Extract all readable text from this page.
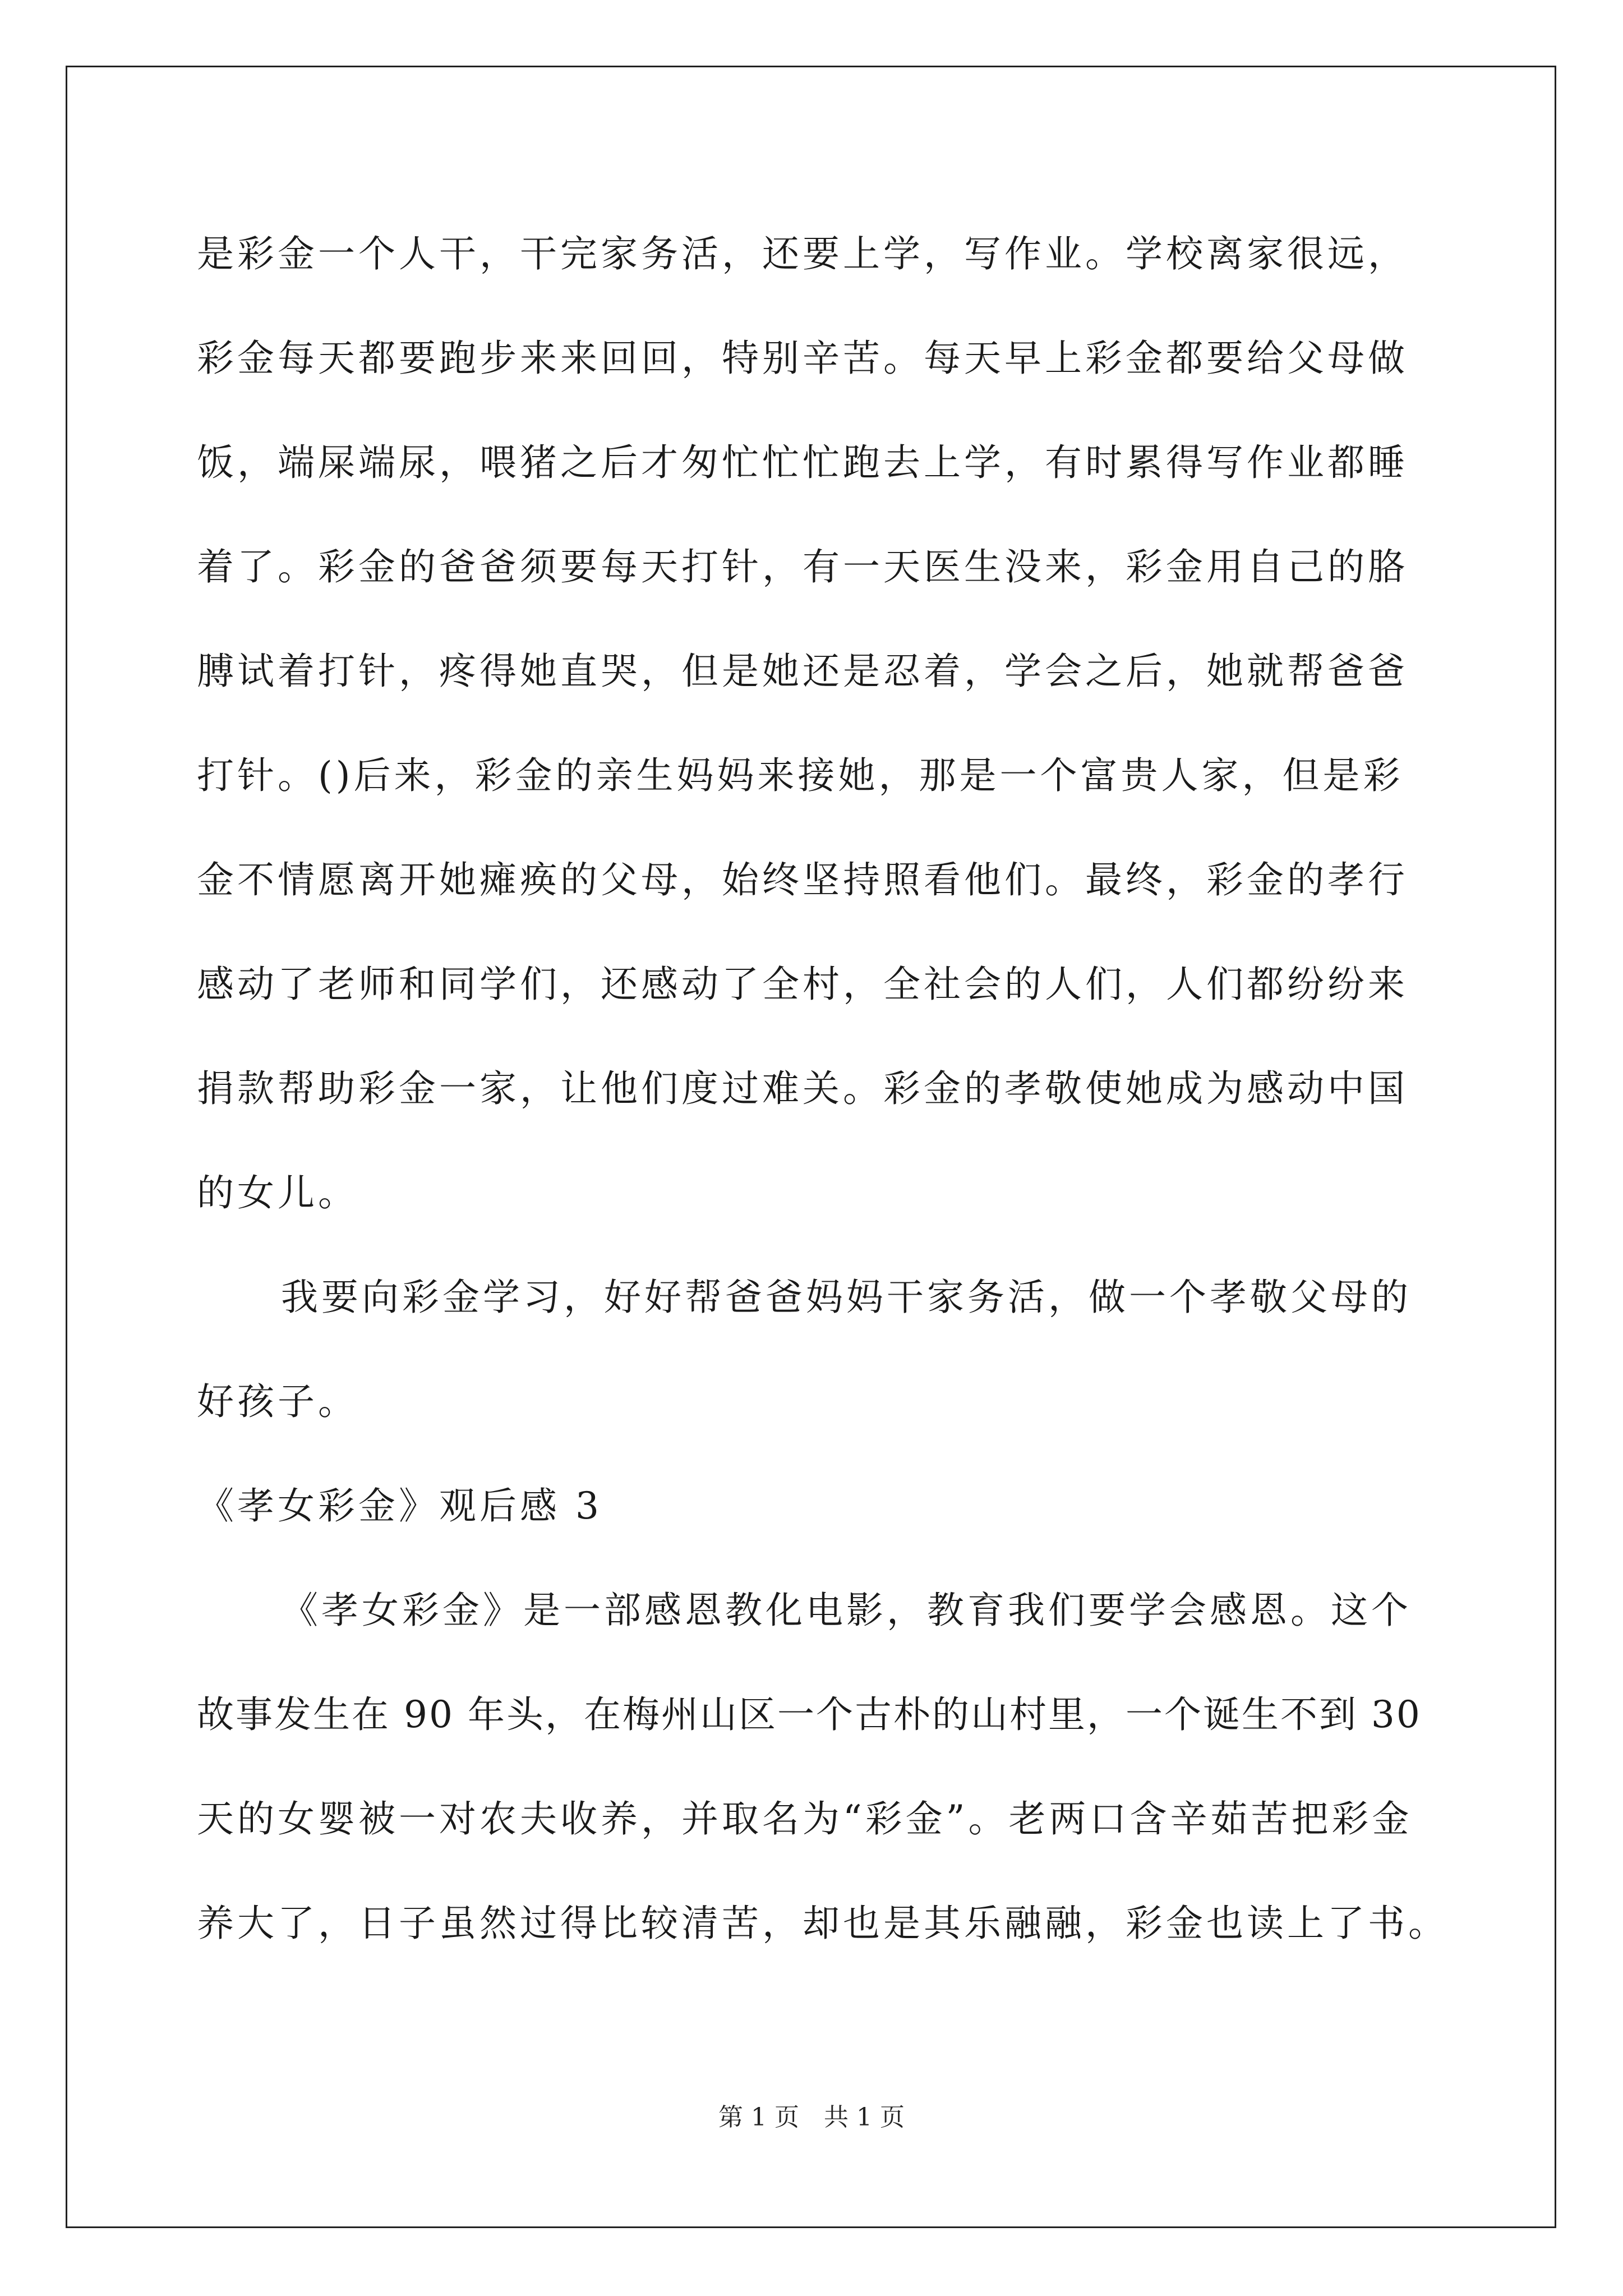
是彩金一个人干，干完家务活，还要上学，写作业。学校离家很远，
彩金每天都要跑步来来回回，特别辛苦。每天早上彩金都要给父母做
饭，端屎端尿，喂猪之后才匆忙忙忙跑去上学，有时累得写作业都睡
着了。彩金的爸爸须要每天打针，有一天医生没来，彩金用自己的胳
膊试着打针，疼得她直哭，但是她还是忍着，学会之后，她就帮爸爸
打针。()后来，彩金的亲生妈妈来接她，那是一个富贵人家，但是彩
金不情愿离开她瘫痪的父母，始终坚持照看他们。最终，彩金的孝行
感动了老师和同学们，还感动了全村，全社会的人们，人们都纷纷来
捐款帮助彩金一家，让他们度过难关。彩金的孝敬使她成为感动中国
的女儿。
我要向彩金学习，好好帮爸爸妈妈干家务活，做一个孝敬父母的
好孩子。
《孝女彩金》观后感 3
《孝女彩金》是一部感恩教化电影，教育我们要学会感恩。这个
故事发生在 90 年头，在梅州山区一个古朴的山村里，一个诞生不到 30
天的女婴被一对农夫收养，并取名为“彩金”。老两口含辛茹苦把彩金
养大了，日子虽然过得比较清苦，却也是其乐融融，彩金也读上了书。
第 1 页　共 1 页
